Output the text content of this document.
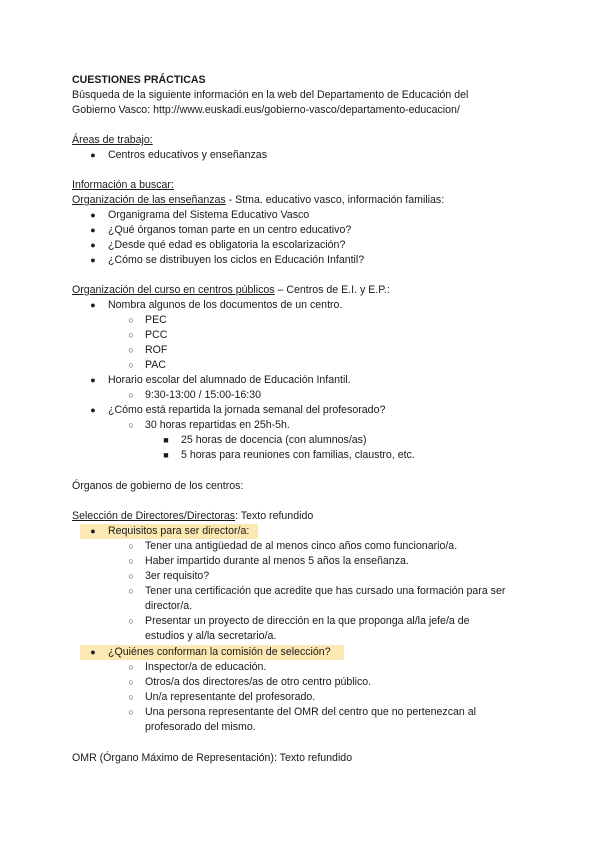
CUESTIONES PRÁCTICAS
Búsqueda de la siguiente información en la web del Departamento de Educación del
Gobierno Vasco: http://www.euskadi.eus/gobierno-vasco/departamento-educacion/
Áreas de trabajo:
●	Centros educativos y enseñanzas
Información a buscar:
Organización de las enseñanzas - Stma. educativo vasco, información familias:
●	Organigrama del Sistema Educativo Vasco
●	¿Qué órganos toman parte en un centro educativo?
●	¿Desde qué edad es obligatoria la escolarización?
●	¿Cómo se distribuyen los ciclos en Educación Infantil?
Organización del curso en centros públicos – Centros de E.I. y E.P.:
●	Nombra algunos de los documentos de un centro.
○	PEC
○	PCC
○	ROF
○	PAC
●	Horario escolar del alumnado de Educación Infantil.
○	9:30-13:00 / 15:00-16:30
●	¿Cómo está repartida la jornada semanal del profesorado?
○	30 horas repartidas en 25h-5h.
■	25 horas de docencia (con alumnos/as)
■	5 horas para reuniones con familias, claustro, etc.
Órganos de gobierno de los centros:
Selección de Directores/Directoras: Texto refundido
●	Requisitos para ser director/a:
○	Tener una antigüedad de al menos cinco años como funcionario/a.
○	Haber impartido durante al menos 5 años la enseñanza.
○	3er requisito?
○	Tener una certificación que acredite que has cursado una formación para ser
director/a.
○	Presentar un proyecto de dirección en la que proponga al/la jefe/a de
estudios y al/la secretario/a.
●	¿Quiénes conforman la comisión de selección?
○	Inspector/a de educación.
○	Otros/a dos directores/as de otro centro público.
○	Un/a representante del profesorado.
○	Una persona representante del OMR del centro que no pertenezcan al
profesorado del mismo.
OMR (Órgano Máximo de Representación): Texto refundido
